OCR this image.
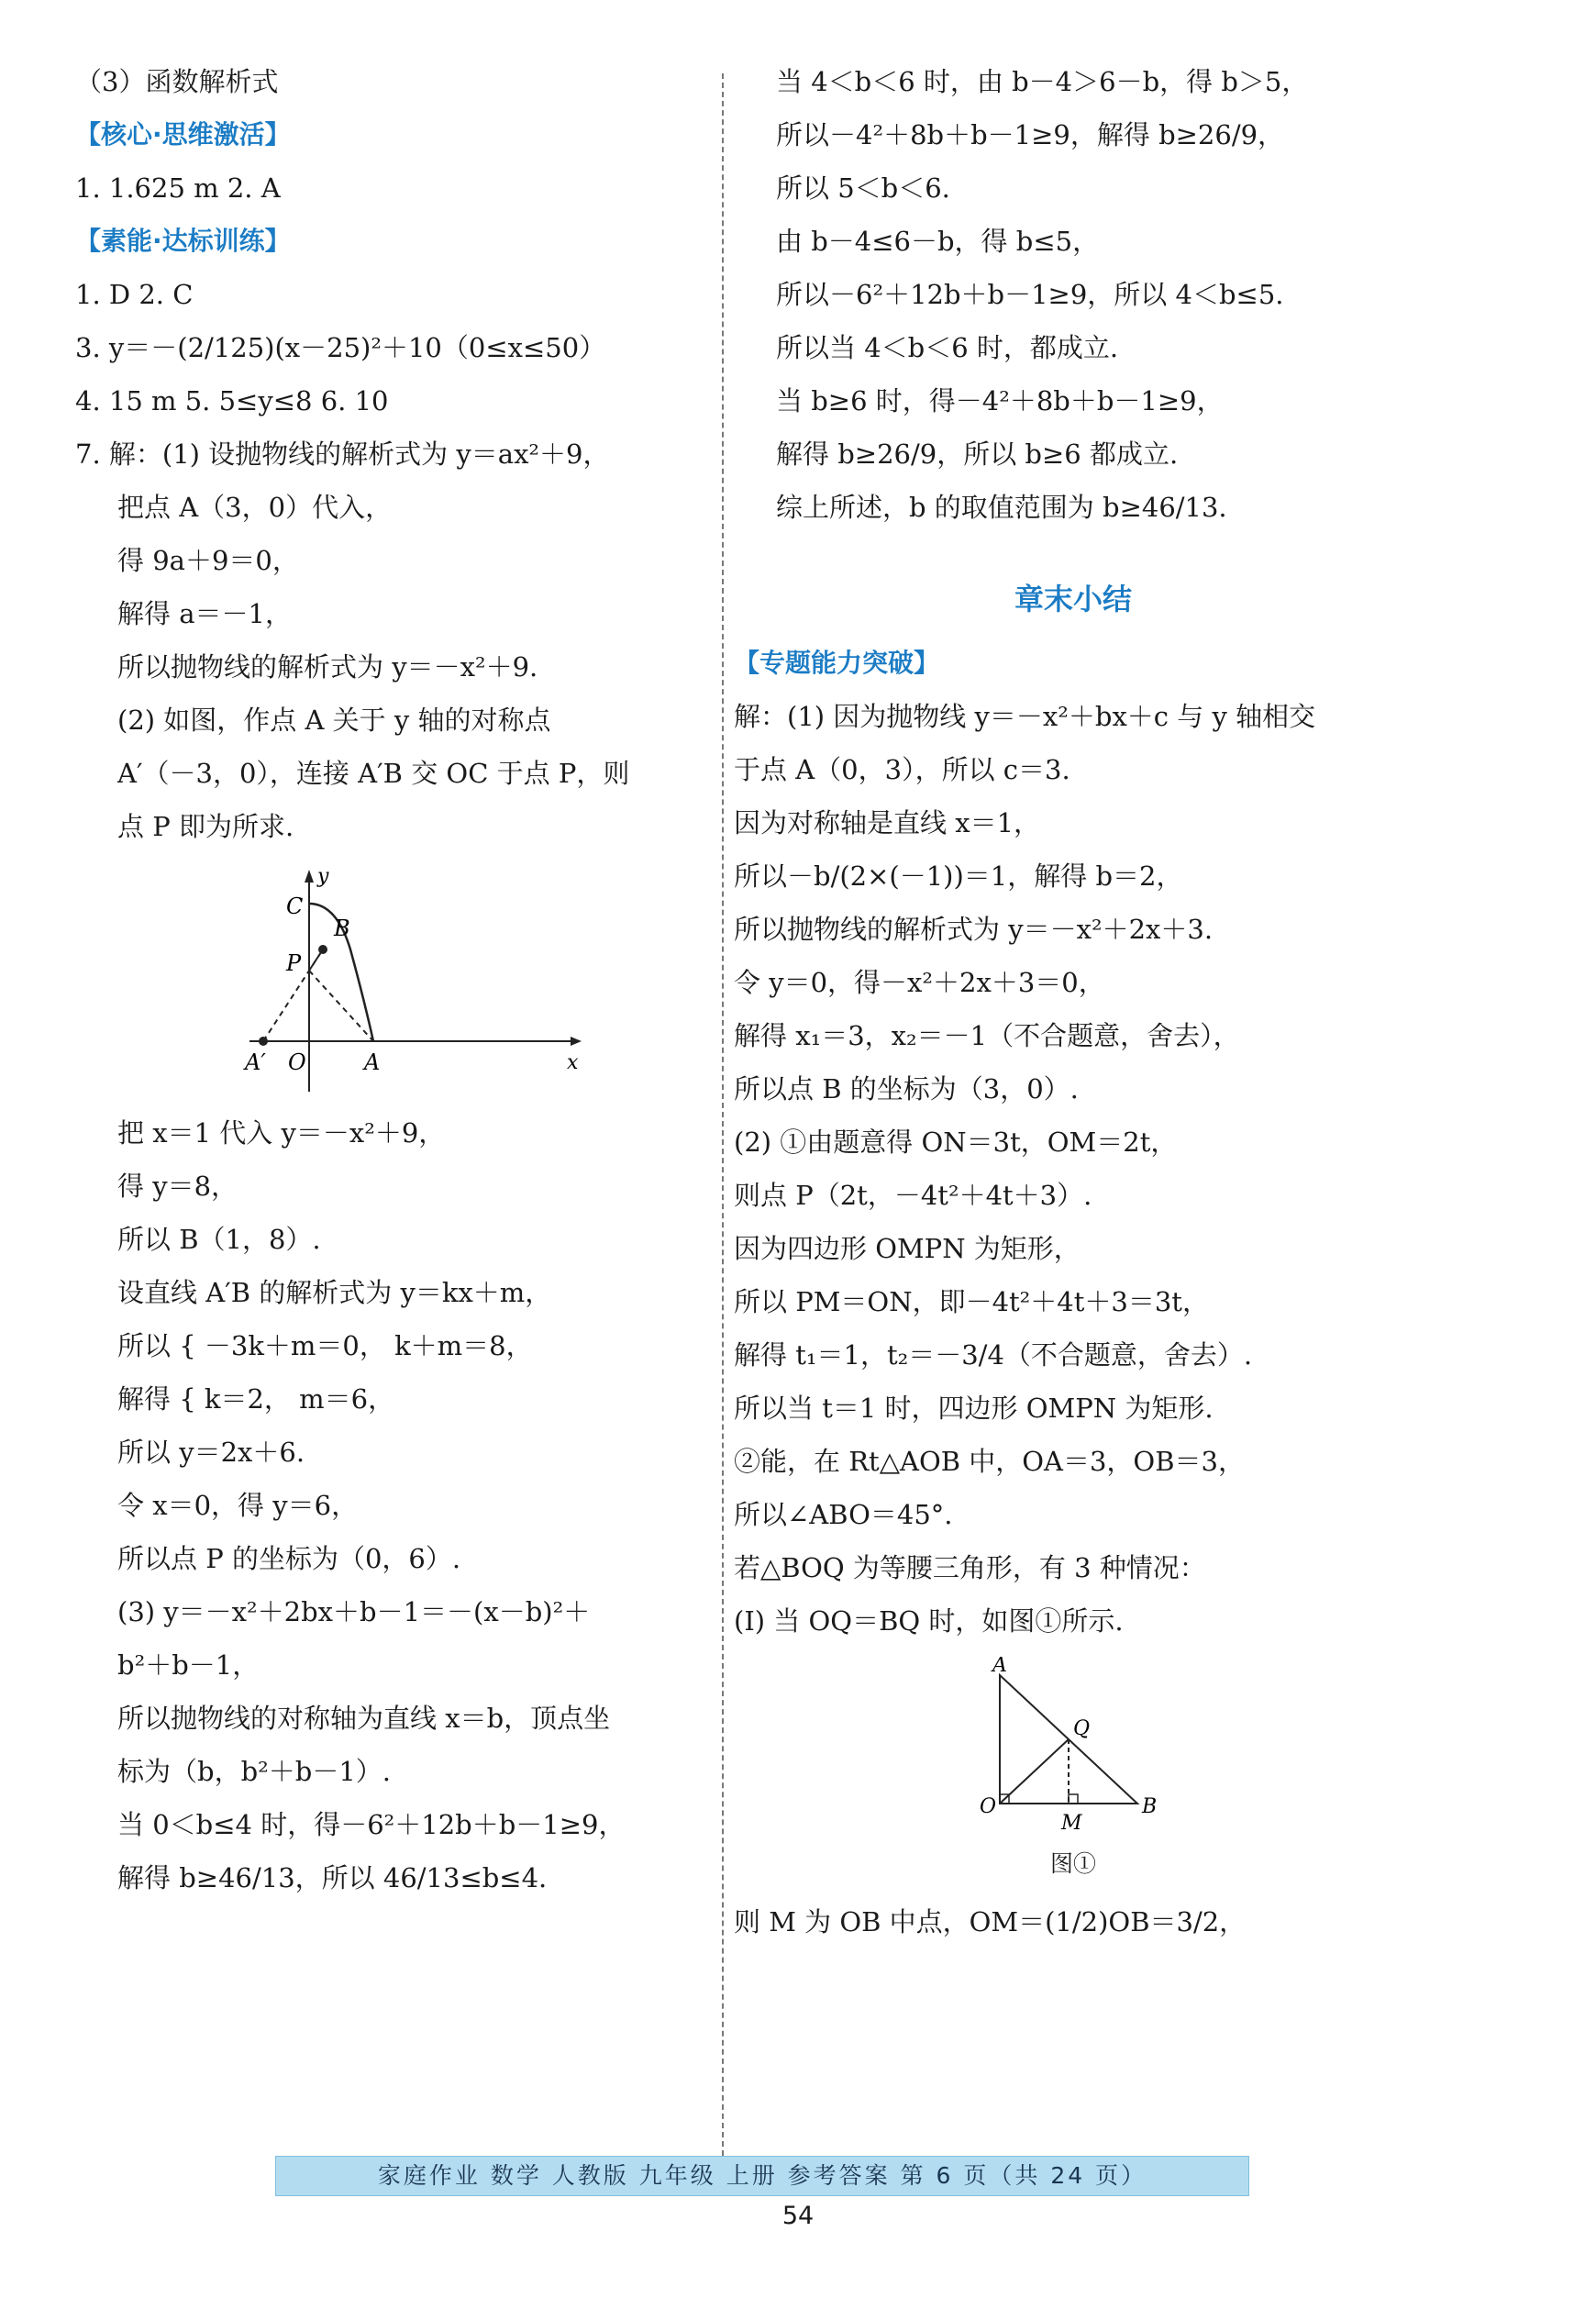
（3）函数解析式
【核心·思维激活】
1. 1.625 m 2. A
【素能·达标训练】
1. D 2. C
3. y＝－(2/125)(x－25)²＋10（0≤x≤50）
4. 15 m 5. 5≤y≤8 6. 10
7. 解：(1) 设抛物线的解析式为 y＝ax²＋9，
把点 A（3，0）代入，
得 9a＋9＝0，
解得 a＝－1，
所以抛物线的解析式为 y＝－x²＋9.
(2) 如图，作点 A 关于 y 轴的对称点
A′（－3，0），连接 A′B 交 OC 于点 P，则
点 P 即为所求.
y
x
C
B
P
A′ O	A
把 x＝1 代入 y＝－x²＋9，
得 y＝8，
所以 B（1，8）.
设直线 A′B 的解析式为 y＝kx＋m，
所以 { －3k＋m＝0， k＋m＝8，
解得 { k＝2， m＝6，
所以 y＝2x＋6.
令 x＝0，得 y＝6，
所以点 P 的坐标为（0，6）.
(3) y＝－x²＋2bx＋b－1＝－(x－b)²＋
b²＋b－1，
所以抛物线的对称轴为直线 x＝b，顶点坐
标为（b，b²＋b－1）.
当 0＜b≤4 时，得－6²＋12b＋b－1≥9，
解得 b≥46/13，所以 46/13≤b≤4.
当 4＜b＜6 时，由 b－4＞6－b，得 b＞5，
所以－4²＋8b＋b－1≥9，解得 b≥26/9，
所以 5＜b＜6.
由 b－4≤6－b，得 b≤5，
所以－6²＋12b＋b－1≥9，所以 4＜b≤5.
所以当 4＜b＜6 时，都成立.
当 b≥6 时，得－4²＋8b＋b－1≥9，
解得 b≥26/9，所以 b≥6 都成立.
综上所述，b 的取值范围为 b≥46/13.
章末小结
【专题能力突破】
解：(1) 因为抛物线 y＝－x²＋bx＋c 与 y 轴相交
于点 A（0，3），所以 c＝3.
因为对称轴是直线 x＝1，
所以－b/(2×(－1))＝1，解得 b＝2，
所以抛物线的解析式为 y＝－x²＋2x＋3.
令 y＝0，得－x²＋2x＋3＝0，
解得 x₁＝3，x₂＝－1（不合题意，舍去），
所以点 B 的坐标为（3，0）.
(2) ①由题意得 ON＝3t，OM＝2t，
则点 P（2t，－4t²＋4t＋3）.
因为四边形 OMPN 为矩形，
所以 PM＝ON，即－4t²＋4t＋3＝3t，
解得 t₁＝1，t₂＝－3/4（不合题意，舍去）.
所以当 t＝1 时，四边形 OMPN 为矩形.
②能，在 Rt△AOB 中，OA＝3，OB＝3，
所以∠ABO＝45°.
若△BOQ 为等腰三角形，有 3 种情况：
(Ⅰ) 当 OQ＝BQ 时，如图①所示.
A
Q
O
M
B
图①
则 M 为 OB 中点，OM＝(1/2)OB＝3/2，
家庭作业 数学 人教版 九年级 上册 参考答案 第 6 页（共 24 页）
54
